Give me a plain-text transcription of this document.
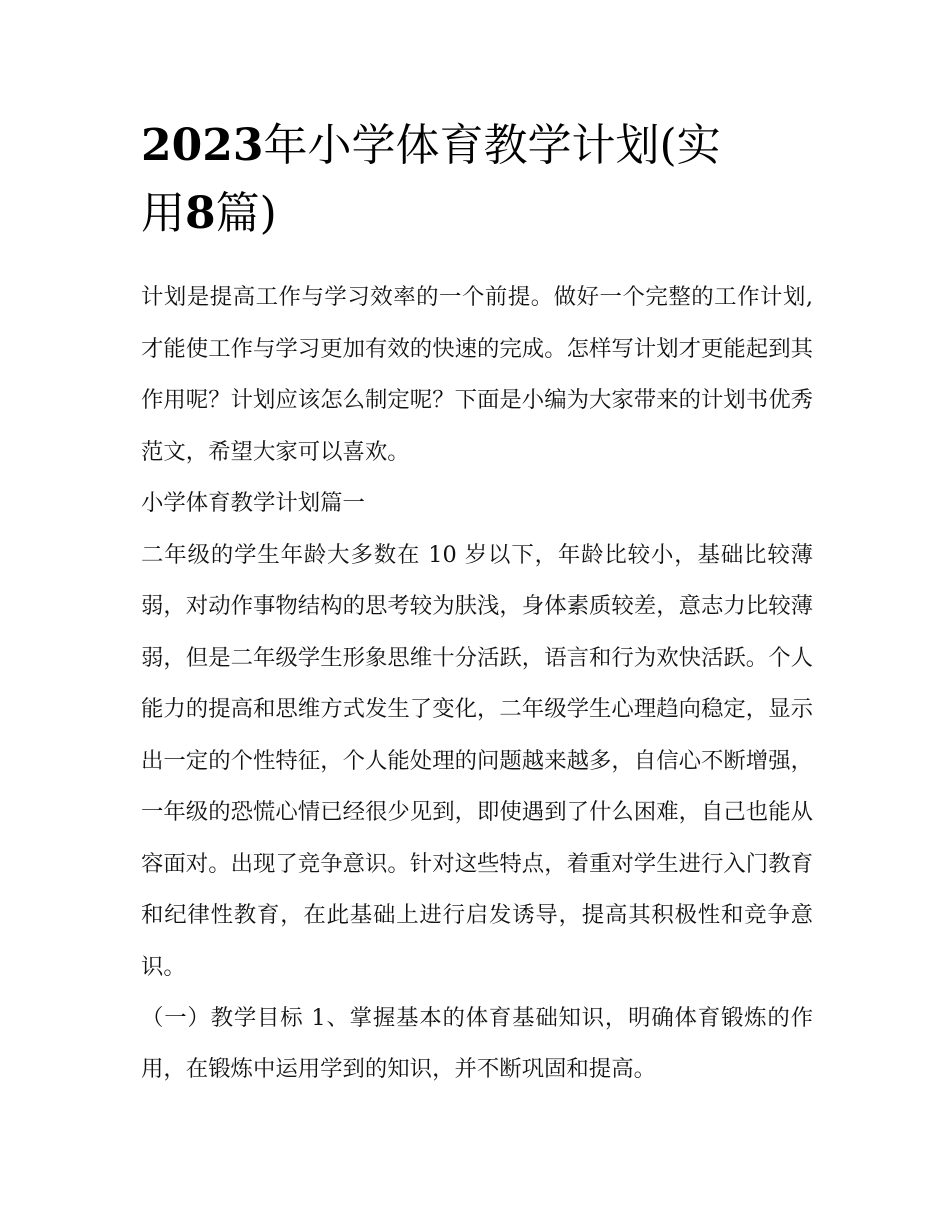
2023年小学体育教学计划(实
用8篇)

计划是提高工作与学习效率的一个前提。做好一个完整的工作计划,才能使工作与学习更加有效的快速的完成。怎样写计划才更能起到其作用呢？计划应该怎么制定呢？下面是小编为大家带来的计划书优秀范文，希望大家可以喜欢。

小学体育教学计划篇一

二年级的学生年龄大多数在 10 岁以下，年龄比较小，基础比较薄弱，对动作事物结构的思考较为肤浅，身体素质较差，意志力比较薄弱，但是二年级学生形象思维十分活跃，语言和行为欢快活跃。个人能力的提高和思维方式发生了变化，二年级学生心理趋向稳定，显示出一定的个性特征，个人能处理的问题越来越多，自信心不断增强，一年级的恐慌心情已经很少见到，即使遇到了什么困难，自己也能从容面对。出现了竞争意识。针对这些特点，着重对学生进行入门教育和纪律性教育，在此基础上进行启发诱导，提高其积极性和竞争意识。

（一）教学目标 1、掌握基本的体育基础知识，明确体育锻炼的作用，在锻炼中运用学到的知识，并不断巩固和提高。
